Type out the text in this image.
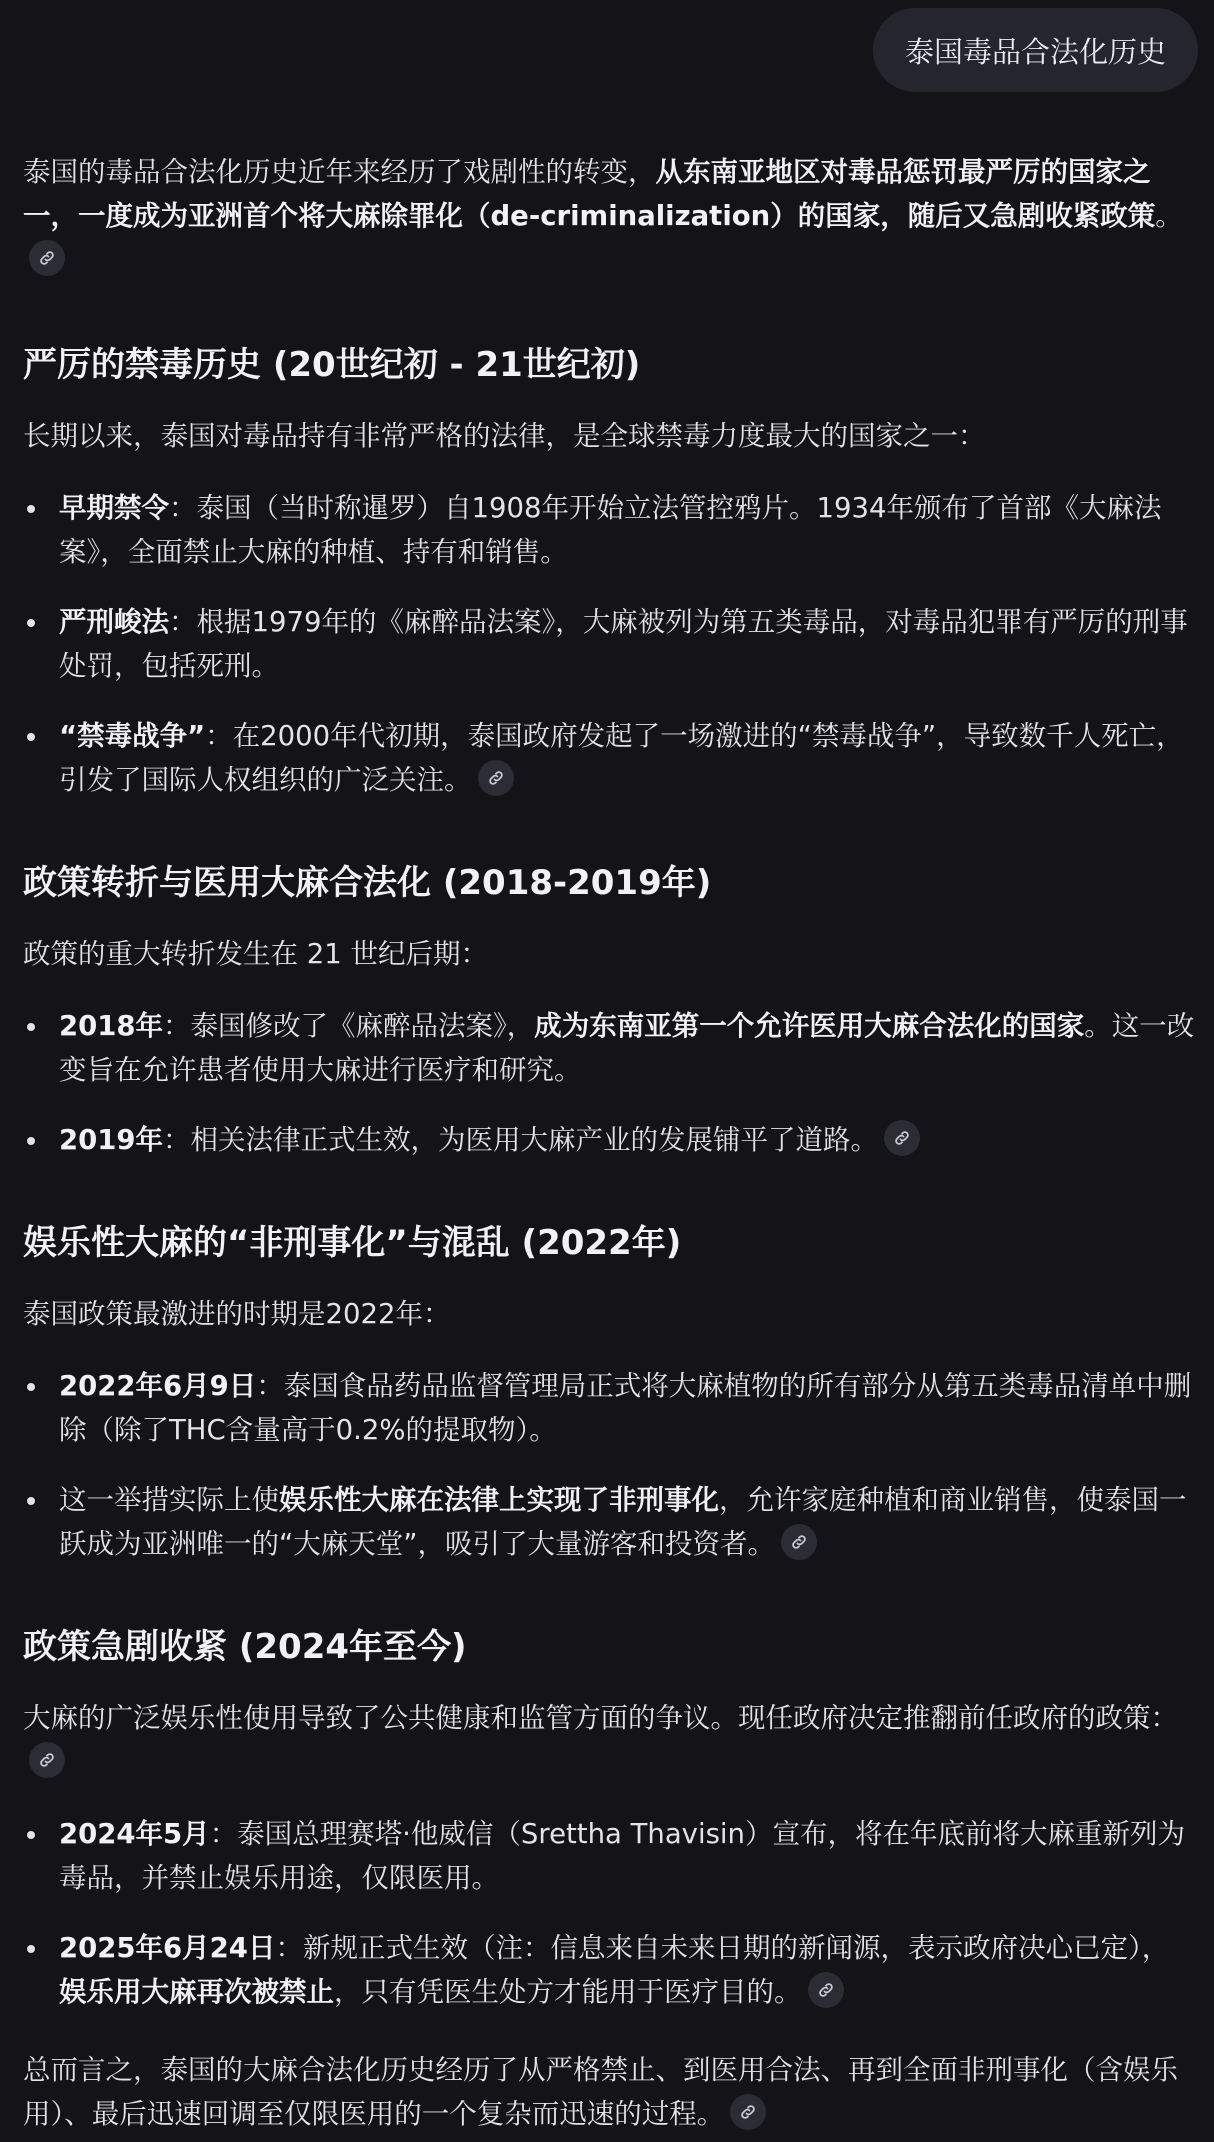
泰国毒品合法化历史

泰国的毒品合法化历史近年来经历了戏剧性的转变，从东南亚地区对毒品惩罚最严厉的国家之一，一度成为亚洲首个将大麻除罪化（de-criminalization）的国家，随后又急剧收紧政策。

严厉的禁毒历史 (20世纪初 - 21世纪初)

长期以来，泰国对毒品持有非常严格的法律，是全球禁毒力度最大的国家之一：

早期禁令：泰国（当时称暹罗）自1908年开始立法管控鸦片。1934年颁布了首部《大麻法案》，全面禁止大麻的种植、持有和销售。
严刑峻法：根据1979年的《麻醉品法案》，大麻被列为第五类毒品，对毒品犯罪有严厉的刑事处罚，包括死刑。
“禁毒战争”：在2000年代初期，泰国政府发起了一场激进的“禁毒战争”，导致数千人死亡，引发了国际人权组织的广泛关注。
政策转折与医用大麻合法化 (2018-2019年)

政策的重大转折发生在 21 世纪后期：

2018年：泰国修改了《麻醉品法案》，成为东南亚第一个允许医用大麻合法化的国家。这一改变旨在允许患者使用大麻进行医疗和研究。
2019年：相关法律正式生效，为医用大麻产业的发展铺平了道路。
娱乐性大麻的“非刑事化”与混乱 (2022年)

泰国政策最激进的时期是2022年：

2022年6月9日：泰国食品药品监督管理局正式将大麻植物的所有部分从第五类毒品清单中删除（除了THC含量高于0.2%的提取物）。
这一举措实际上使娱乐性大麻在法律上实现了非刑事化，允许家庭种植和商业销售，使泰国一跃成为亚洲唯一的“大麻天堂”，吸引了大量游客和投资者。
政策急剧收紧 (2024年至今)

大麻的广泛娱乐性使用导致了公共健康和监管方面的争议。现任政府决定推翻前任政府的政策：

2024年5月：泰国总理赛塔·他威信（Srettha Thavisin）宣布，将在年底前将大麻重新列为毒品，并禁止娱乐用途，仅限医用。
2025年6月24日：新规正式生效（注：信息来自未来日期的新闻源，表示政府决心已定），娱乐用大麻再次被禁止，只有凭医生处方才能用于医疗目的。

总而言之，泰国的大麻合法化历史经历了从严格禁止、到医用合法、再到全面非刑事化（含娱乐用）、最后迅速回调至仅限医用的一个复杂而迅速的过程。
